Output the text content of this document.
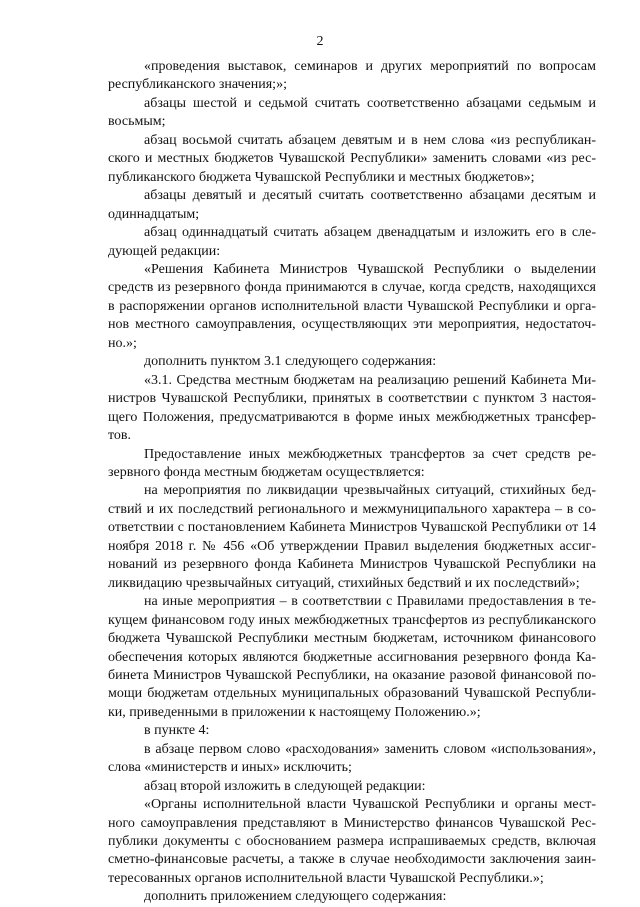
2

«проведения выставок, семинаров и других мероприятий по вопросам республиканского значения;»;

абзацы шестой и седьмой считать соответственно абзацами седьмым и восьмым;

абзац восьмой считать абзацем девятым и в нем слова «из республиканского и местных бюджетов Чувашской Республики» заменить словами «из республиканского бюджета Чувашской Республики и местных бюджетов»;

абзацы девятый и десятый считать соответственно абзацами десятым и одиннадцатым;

абзац одиннадцатый считать абзацем двенадцатым и изложить его в следующей редакции:

«Решения Кабинета Министров Чувашской Республики о выделении средств из резервного фонда принимаются в случае, когда средств, находящихся в распоряжении органов исполнительной власти Чувашской Республики и органов местного самоуправления, осуществляющих эти мероприятия, недостаточно.»;

дополнить пунктом 3.1 следующего содержания:

«3.1. Средства местным бюджетам на реализацию решений Кабинета Министров Чувашской Республики, принятых в соответствии с пунктом 3 настоящего Положения, предусматриваются в форме иных межбюджетных трансфертов.

Предоставление иных межбюджетных трансфертов за счет средств резервного фонда местным бюджетам осуществляется:

на мероприятия по ликвидации чрезвычайных ситуаций, стихийных бедствий и их последствий регионального и межмуниципального характера – в соответствии с постановлением Кабинета Министров Чувашской Республики от 14 ноября 2018 г. № 456 «Об утверждении Правил выделения бюджетных ассигнований из резервного фонда Кабинета Министров Чувашской Республики на ликвидацию чрезвычайных ситуаций, стихийных бедствий и их последствий»;

на иные мероприятия – в соответствии с Правилами предоставления в текущем финансовом году иных межбюджетных трансфертов из республиканского бюджета Чувашской Республики местным бюджетам, источником финансового обеспечения которых являются бюджетные ассигнования резервного фонда Кабинета Министров Чувашской Республики, на оказание разовой финансовой помощи бюджетам отдельных муниципальных образований Чувашской Республики, приведенными в приложении к настоящему Положению.»;

в пункте 4:

в абзаце первом слово «расходования» заменить словом «использования», слова «министерств и иных» исключить;

абзац второй изложить в следующей редакции:

«Органы исполнительной власти Чувашской Республики и органы местного самоуправления представляют в Министерство финансов Чувашской Республики документы с обоснованием размера испрашиваемых средств, включая сметно-финансовые расчеты, а также в случае необходимости заключения заинтересованных органов исполнительной власти Чувашской Республики.»;

дополнить приложением следующего содержания:
